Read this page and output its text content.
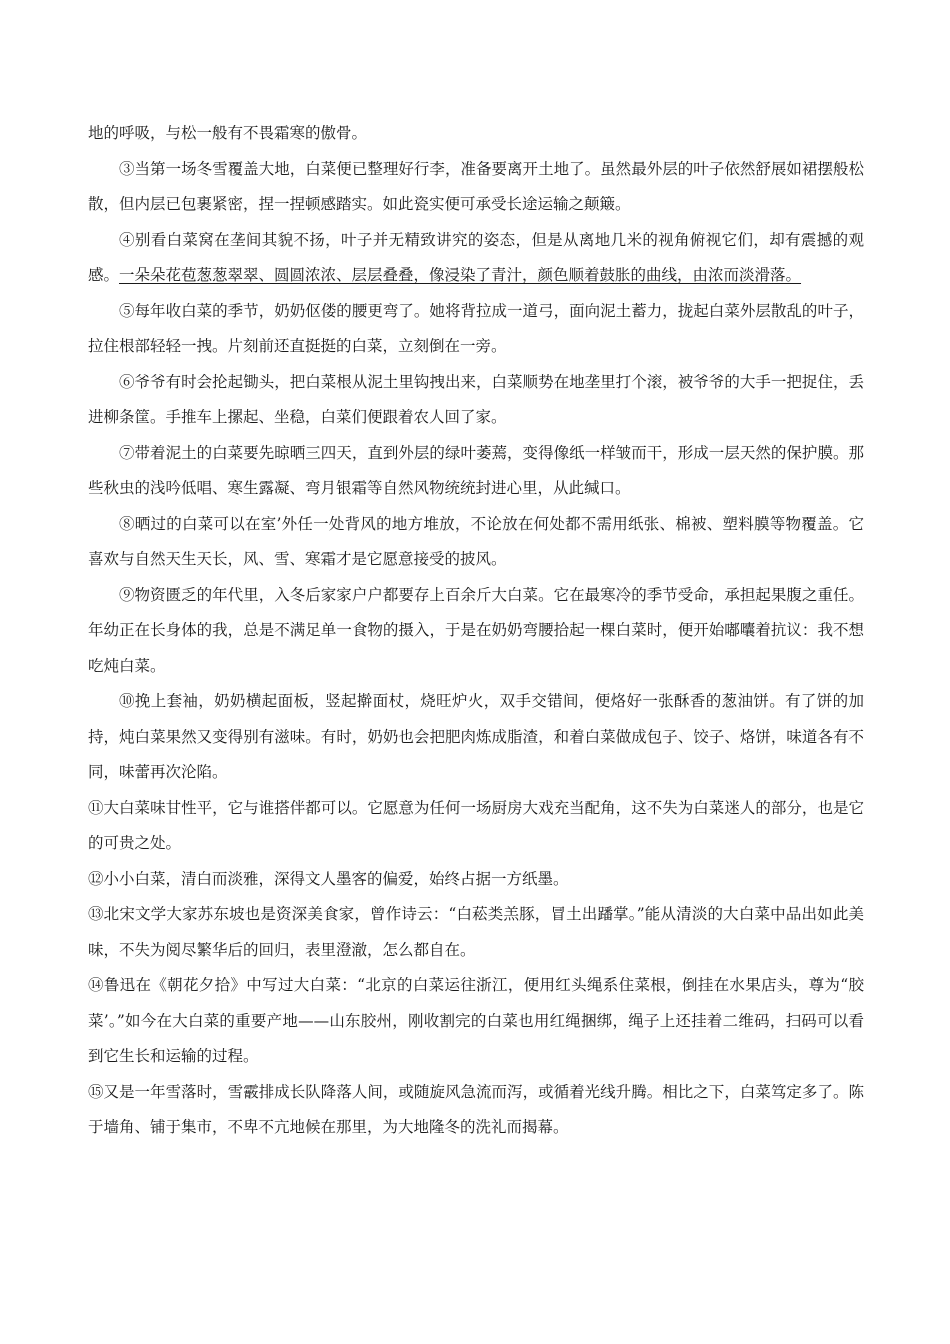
地的呼吸，与松一般有不畏霜寒的傲骨。

③当第一场冬雪覆盖大地，白菜便已整理好行李，准备要离开土地了。虽然最外层的叶子依然舒展如裙摆般松散，但内层已包裹紧密，捏一捏顿感踏实。如此瓷实便可承受长途运输之颠簸。

④别看白菜窝在垄间其貌不扬，叶子并无精致讲究的姿态，但是从离地几米的视角俯视它们，却有震撼的观感。一朵朵花苞葱葱翠翠、圆圆浓浓、层层叠叠，像浸染了青汁，颜色顺着鼓胀的曲线，由浓而淡滑落。

⑤每年收白菜的季节，奶奶伛偻的腰更弯了。她将背拉成一道弓，面向泥土蓄力，拢起白菜外层散乱的叶子，拉住根部轻轻一拽。片刻前还直挺挺的白菜，立刻倒在一旁。

⑥爷爷有时会抡起锄头，把白菜根从泥土里钩拽出来，白菜顺势在地垄里打个滚，被爷爷的大手一把捉住，丢进柳条筐。手推车上摞起、坐稳，白菜们便跟着农人回了家。

⑦带着泥土的白菜要先晾晒三四天，直到外层的绿叶萎蔫，变得像纸一样皱而干，形成一层天然的保护膜。那些秋虫的浅吟低唱、寒生露凝、弯月银霜等自然风物统统封进心里，从此缄口。

⑧晒过的白菜可以在室’外任一处背风的地方堆放，不论放在何处都不需用纸张、棉被、塑料膜等物覆盖。它喜欢与自然天生天长，风、雪、寒霜才是它愿意接受的披风。

⑨物资匮乏的年代里，入冬后家家户户都要存上百余斤大白菜。它在最寒冷的季节受命，承担起果腹之重任。年幼正在长身体的我，总是不满足单一食物的摄入，于是在奶奶弯腰拾起一棵白菜时，便开始嘟囔着抗议：我不想吃炖白菜。

⑩挽上套袖，奶奶横起面板，竖起擀面杖，烧旺炉火，双手交错间，便烙好一张酥香的葱油饼。有了饼的加持，炖白菜果然又变得别有滋味。有时，奶奶也会把肥肉炼成脂渣，和着白菜做成包子、饺子、烙饼，味道各有不同，味蕾再次沦陷。

⑪大白菜味甘性平，它与谁搭伴都可以。它愿意为任何一场厨房大戏充当配角，这不失为白菜迷人的部分，也是它的可贵之处。

⑫小小白菜，清白而淡雅，深得文人墨客的偏爱，始终占据一方纸墨。

⑬北宋文学大家苏东坡也是资深美食家，曾作诗云：“白菘类羔豚，冒土出蹯掌。”能从清淡的大白菜中品出如此美味，不失为阅尽繁华后的回归，表里澄澈，怎么都自在。

⑭鲁迅在《朝花夕拾》中写过大白菜：“北京的白菜运往浙江，便用红头绳系住菜根，倒挂在水果店头，尊为“胶菜’。”如今在大白菜的重要产地——山东胶州，刚收割完的白菜也用红绳捆绑，绳子上还挂着二维码，扫码可以看到它生长和运输的过程。

⑮又是一年雪落时，雪霰排成长队降落人间，或随旋风急流而泻，或循着光线升腾。相比之下，白菜笃定多了。陈于墙角、铺于集市，不卑不亢地候在那里，为大地隆冬的洗礼而揭幕。
